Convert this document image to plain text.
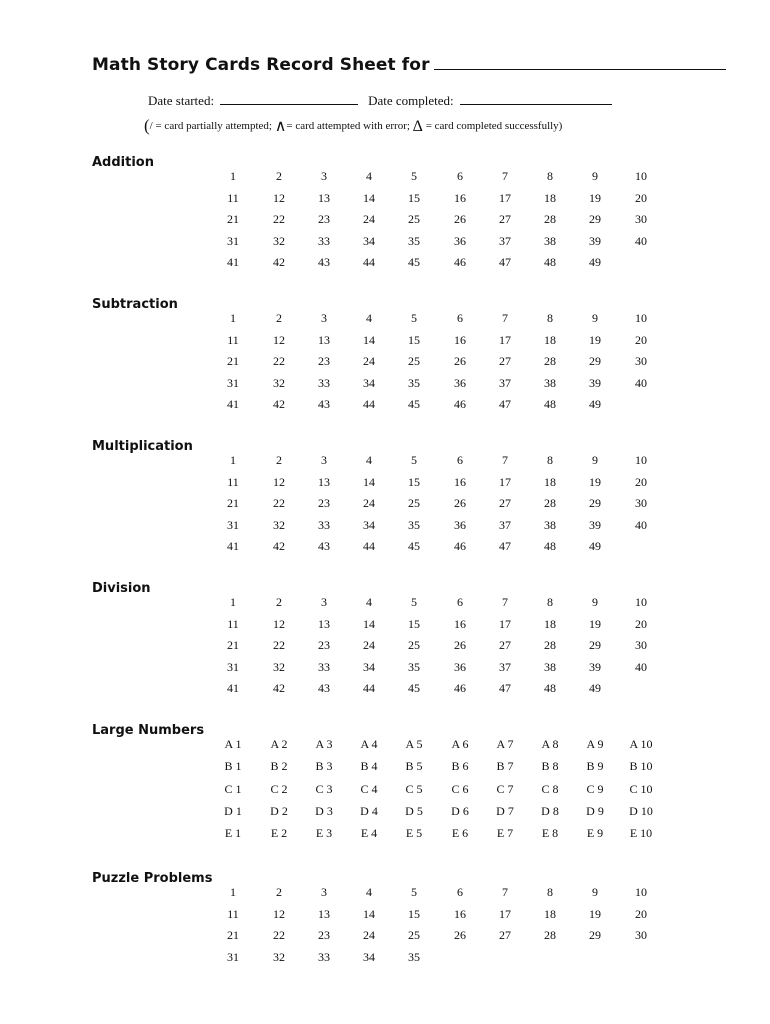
Math Story Cards Record Sheet for
Date started:	Date completed:
(/ = card partially attempted; ∧= card attempted with error; Δ = card completed successfully)
Addition
1	2	3	4	5	6	7	8	9	10
11	12	13	14	15	16	17	18	19	20
21	22	23	24	25	26	27	28	29	30
31	32	33	34	35	36	37	38	39	40
41	42	43	44	45	46	47	48	49
Subtraction
1	2	3	4	5	6	7	8	9	10
11	12	13	14	15	16	17	18	19	20
21	22	23	24	25	26	27	28	29	30
31	32	33	34	35	36	37	38	39	40
41	42	43	44	45	46	47	48	49
Multiplication
1	2	3	4	5	6	7	8	9	10
11	12	13	14	15	16	17	18	19	20
21	22	23	24	25	26	27	28	29	30
31	32	33	34	35	36	37	38	39	40
41	42	43	44	45	46	47	48	49
Division
1	2	3	4	5	6	7	8	9	10
11	12	13	14	15	16	17	18	19	20
21	22	23	24	25	26	27	28	29	30
31	32	33	34	35	36	37	38	39	40
41	42	43	44	45	46	47	48	49
Large Numbers
A 1	A 2	A 3	A 4	A 5	A 6	A 7	A 8	A 9	A 10
B 1	B 2	B 3	B 4	B 5	B 6	B 7	B 8	B 9	B 10
C 1	C 2	C 3	C 4	C 5	C 6	C 7	C 8	C 9	C 10
D 1	D 2	D 3	D 4	D 5	D 6	D 7	D 8	D 9	D 10
E 1	E 2	E 3	E 4	E 5	E 6	E 7	E 8	E 9	E 10
Puzzle Problems
1	2	3	4	5	6	7	8	9	10
11	12	13	14	15	16	17	18	19	20
21	22	23	24	25	26	27	28	29	30
31	32	33	34	35
